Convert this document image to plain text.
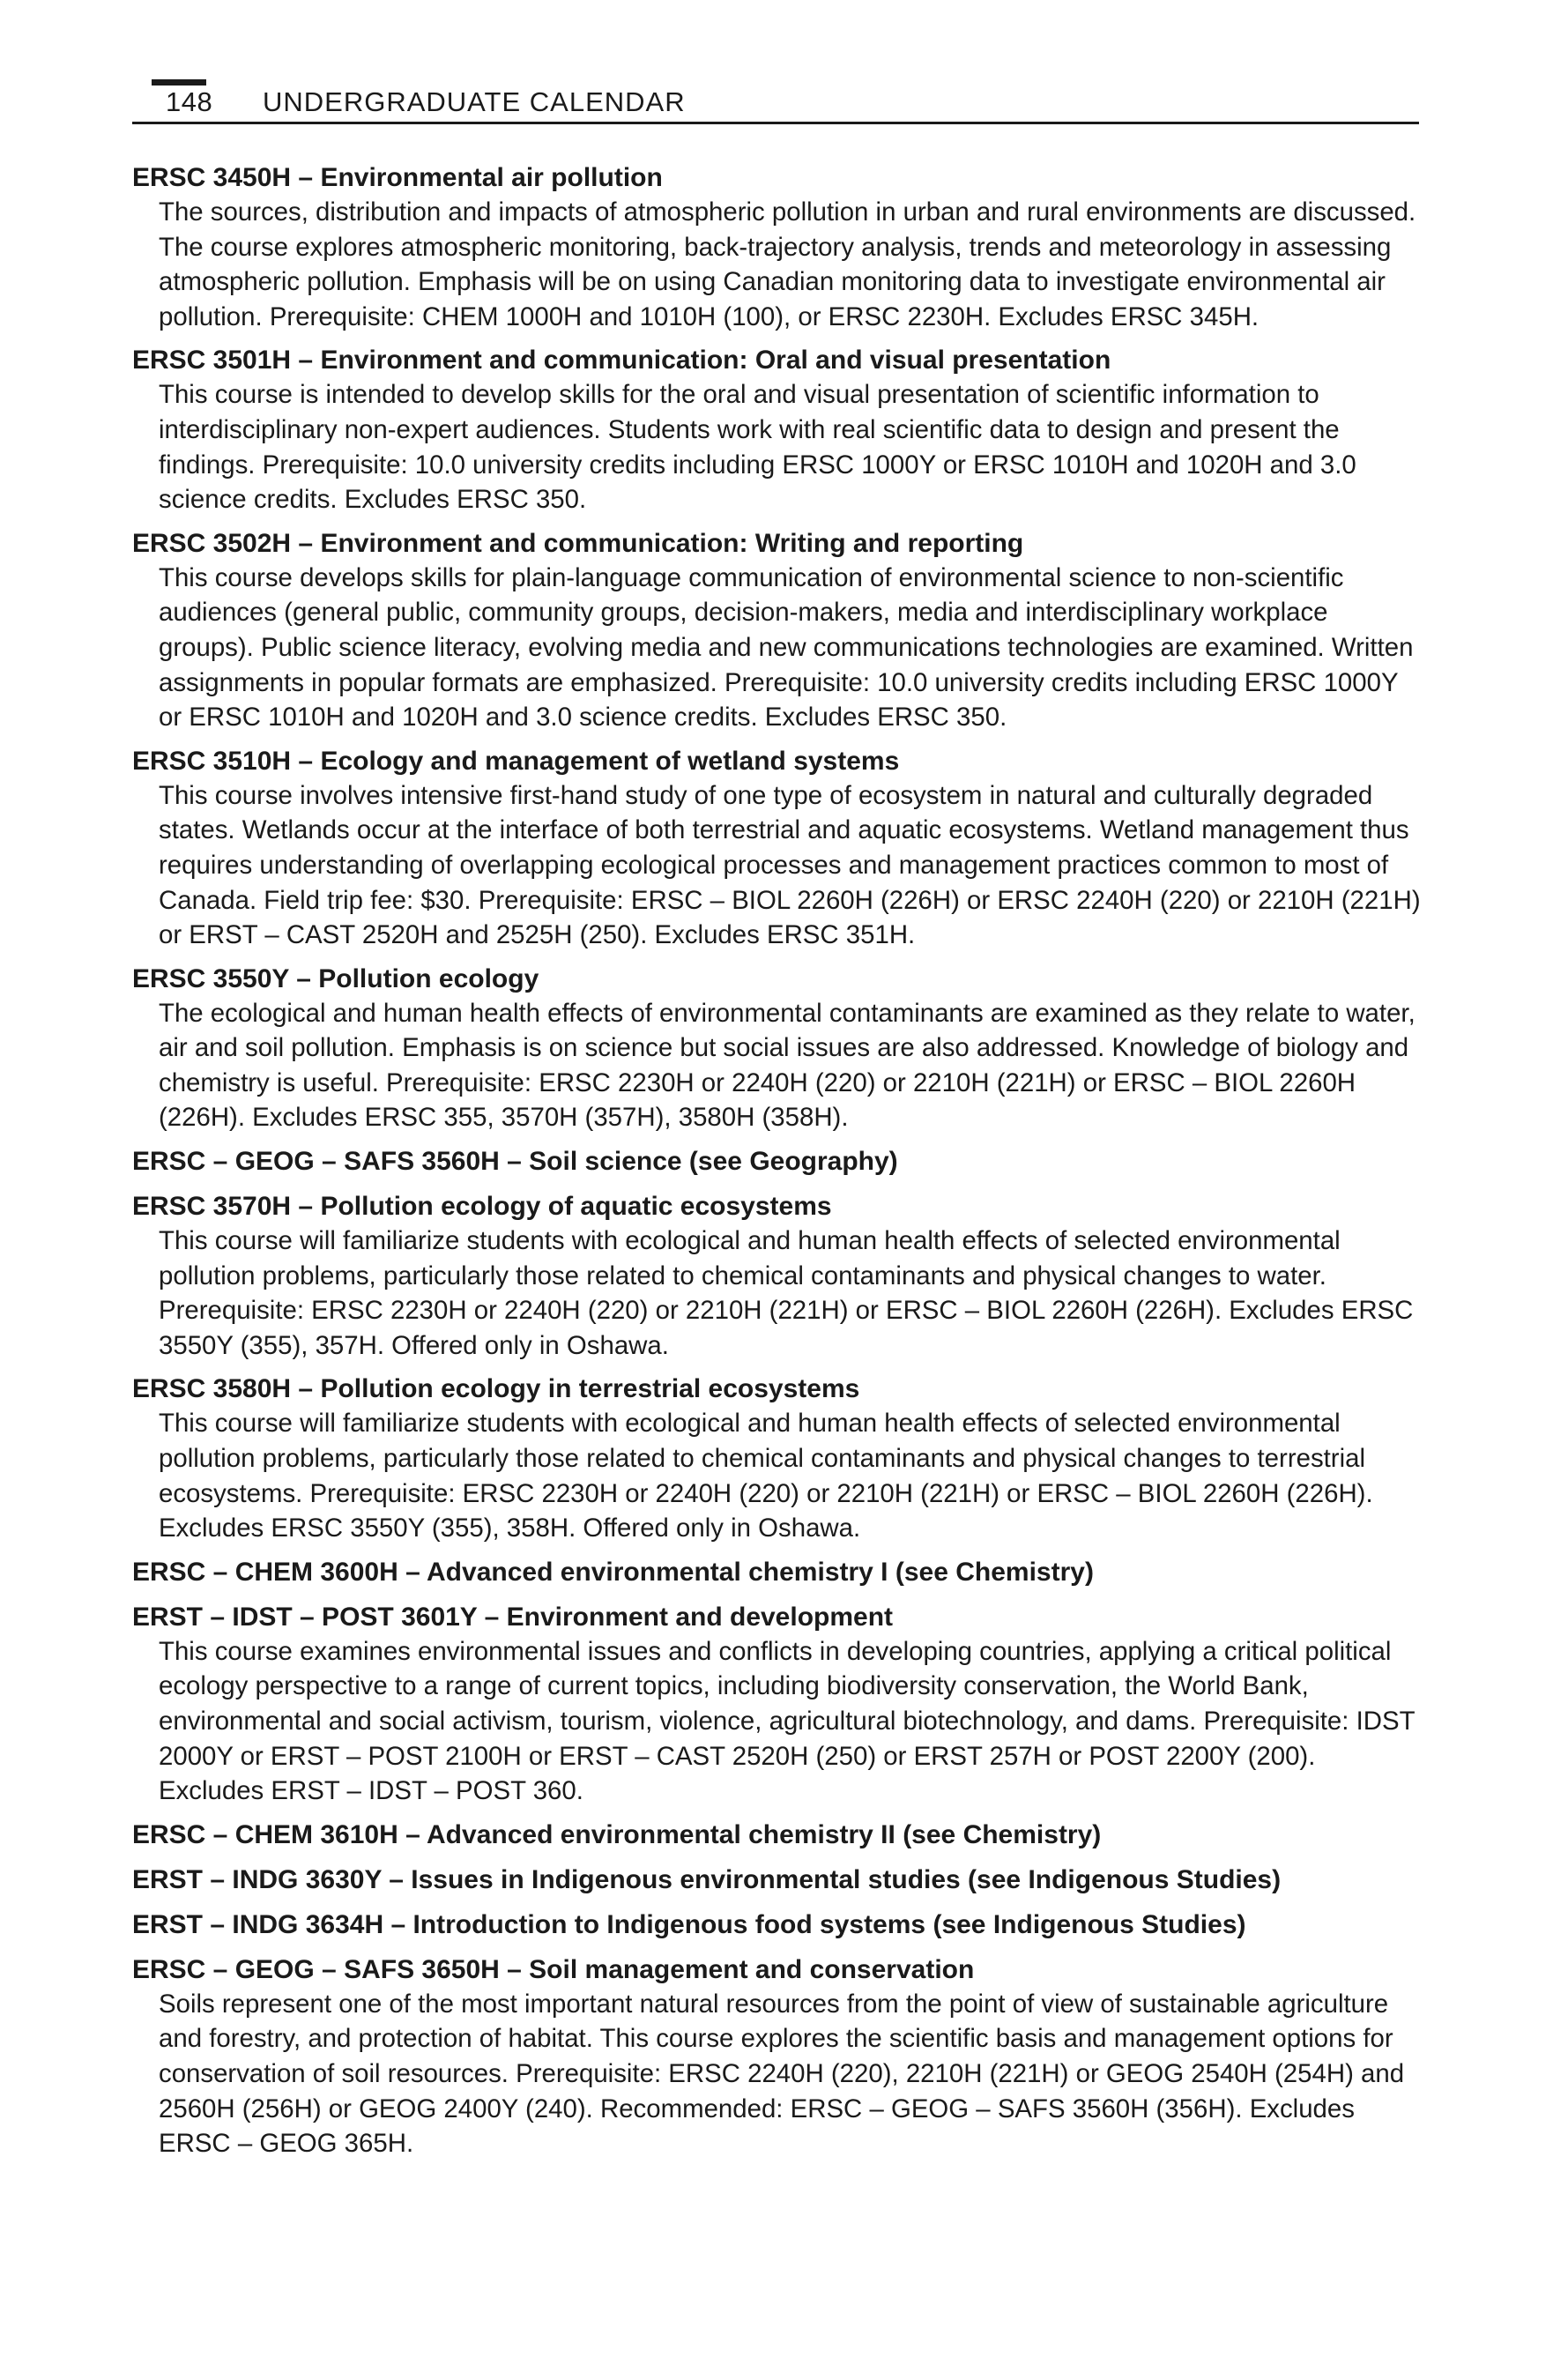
148 UNDERGRADUATE CALENDAR

ERSC 3450H – Environmental air pollution

The sources, distribution and impacts of atmospheric pollution in urban and rural environments are discussed. The course explores atmospheric monitoring, back-trajectory analysis, trends and meteorology in assessing atmospheric pollution. Emphasis will be on using Canadian monitoring data to investigate environmental air pollution. Prerequisite: CHEM 1000H and 1010H (100), or ERSC 2230H. Excludes ERSC 345H.

ERSC 3501H – Environment and communication: Oral and visual presentation

This course is intended to develop skills for the oral and visual presentation of scientific information to interdisciplinary non-expert audiences. Students work with real scientific data to design and present the findings. Prerequisite: 10.0 university credits including ERSC 1000Y or ERSC 1010H and 1020H and 3.0 science credits. Excludes ERSC 350.

ERSC 3502H – Environment and communication: Writing and reporting

This course develops skills for plain-language communication of environmental science to non-scientific audiences (general public, community groups, decision-makers, media and interdisciplinary workplace groups). Public science literacy, evolving media and new communications technologies are examined. Written assignments in popular formats are emphasized. Prerequisite: 10.0 university credits including ERSC 1000Y or ERSC 1010H and 1020H and 3.0 science credits. Excludes ERSC 350.

ERSC 3510H – Ecology and management of wetland systems

This course involves intensive first-hand study of one type of ecosystem in natural and culturally degraded states. Wetlands occur at the interface of both terrestrial and aquatic ecosystems. Wetland management thus requires understanding of overlapping ecological processes and management practices common to most of Canada. Field trip fee: $30. Prerequisite: ERSC – BIOL 2260H (226H) or ERSC 2240H (220) or 2210H (221H) or ERST – CAST 2520H and 2525H (250). Excludes ERSC 351H.

ERSC 3550Y – Pollution ecology

The ecological and human health effects of environmental contaminants are examined as they relate to water, air and soil pollution. Emphasis is on science but social issues are also addressed. Knowledge of biology and chemistry is useful. Prerequisite: ERSC 2230H or 2240H (220) or 2210H (221H) or ERSC – BIOL 2260H (226H). Excludes ERSC 355, 3570H (357H), 3580H (358H).

ERSC – GEOG – SAFS 3560H – Soil science (see Geography)

ERSC 3570H – Pollution ecology of aquatic ecosystems

This course will familiarize students with ecological and human health effects of selected environmental pollution problems, particularly those related to chemical contaminants and physical changes to water. Prerequisite: ERSC 2230H or 2240H (220) or 2210H (221H) or ERSC – BIOL 2260H (226H). Excludes ERSC 3550Y (355), 357H. Offered only in Oshawa.

ERSC 3580H – Pollution ecology in terrestrial ecosystems

This course will familiarize students with ecological and human health effects of selected environmental pollution problems, particularly those related to chemical contaminants and physical changes to terrestrial ecosystems. Prerequisite: ERSC 2230H or 2240H (220) or 2210H (221H) or ERSC – BIOL 2260H (226H). Excludes ERSC 3550Y (355), 358H. Offered only in Oshawa.

ERSC – CHEM 3600H – Advanced environmental chemistry I (see Chemistry)

ERST – IDST – POST 3601Y – Environment and development

This course examines environmental issues and conflicts in developing countries, applying a critical political ecology perspective to a range of current topics, including biodiversity conservation, the World Bank, environmental and social activism, tourism, violence, agricultural biotechnology, and dams. Prerequisite: IDST 2000Y or ERST – POST 2100H or ERST – CAST 2520H (250) or ERST 257H or POST 2200Y (200). Excludes ERST – IDST – POST 360.

ERSC – CHEM 3610H – Advanced environmental chemistry II (see Chemistry)

ERST – INDG 3630Y – Issues in Indigenous environmental studies (see Indigenous Studies)

ERST – INDG 3634H – Introduction to Indigenous food systems (see Indigenous Studies)

ERSC – GEOG – SAFS 3650H – Soil management and conservation

Soils represent one of the most important natural resources from the point of view of sustainable agriculture and forestry, and protection of habitat. This course explores the scientific basis and management options for conservation of soil resources. Prerequisite: ERSC 2240H (220), 2210H (221H) or GEOG 2540H (254H) and 2560H (256H) or GEOG 2400Y (240). Recommended: ERSC – GEOG – SAFS 3560H (356H). Excludes ERSC – GEOG 365H.
